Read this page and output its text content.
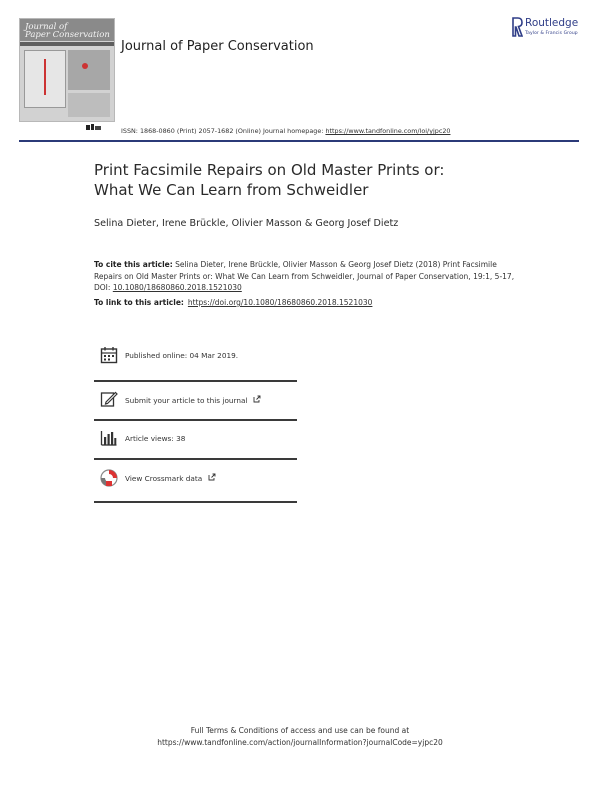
Journal of
Paper Conservation
Journal of Paper Conservation
Routledge
Taylor & Francis Group
ISSN: 1868-0860 (Print) 2057-1682 (Online) Journal homepage: https://www.tandfonline.com/loi/yjpc20
Print Facsimile Repairs on Old Master Prints or:
What We Can Learn from Schweidler
Selina Dieter, Irene Brückle, Olivier Masson & Georg Josef Dietz
To cite this article: Selina Dieter, Irene Brückle, Olivier Masson & Georg Josef Dietz (2018) Print Facsimile Repairs on Old Master Prints or: What We Can Learn from Schweidler, Journal of Paper Conservation, 19:1, 5-17, DOI: 10.1080/18680860.2018.1521030
To link to this article: https://doi.org/10.1080/18680860.2018.1521030
Published online: 04 Mar 2019.
Submit your article to this journal
Article views: 38
View Crossmark data
Full Terms & Conditions of access and use can be found at
https://www.tandfonline.com/action/journalInformation?journalCode=yjpc20
